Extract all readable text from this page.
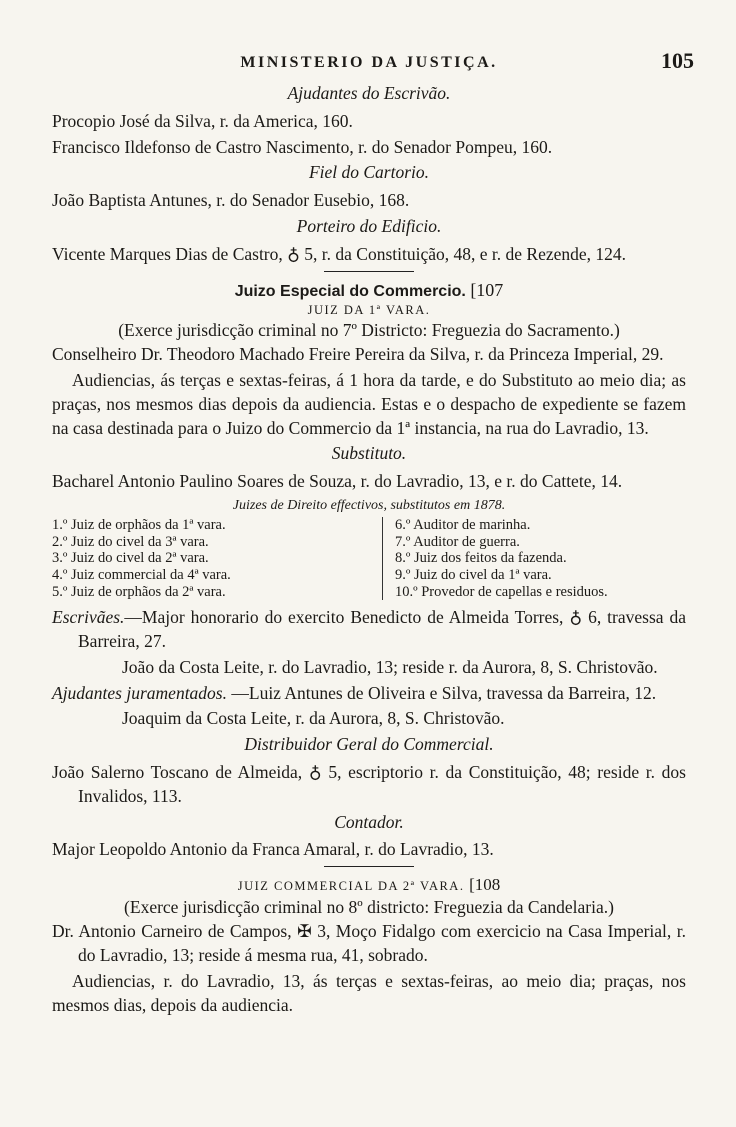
MINISTERIO DA JUSTIÇA.	105
Ajudantes do Escrivão.
Procopio José da Silva, r. da America, 160.
Francisco Ildefonso de Castro Nascimento, r. do Senador Pompeu, 160.
Fiel do Cartorio.
João Baptista Antunes, r. do Senador Eusebio, 168.
Porteiro do Edificio.
Vicente Marques Dias de Castro, ♁ 5, r. da Constituição, 48, e r. de Rezende, 124.
Juizo Especial do Commercio. [107
JUIZ DA 1ª VARA.
(Exerce jurisdicção criminal no 7º Districto: Freguezia do Sacramento.)
Conselheiro Dr. Theodoro Machado Freire Pereira da Silva, r. da Princeza Imperial, 29.
Audiencias, ás terças e sextas-feiras, á 1 hora da tarde, e do Substituto ao meio dia; as praças, nos mesmos dias depois da audiencia. Estas e o despacho de expediente se fazem na casa destinada para o Juizo do Commercio da 1ª instancia, na rua do Lavradio, 13.
Substituto.
Bacharel Antonio Paulino Soares de Souza, r. do Lavradio, 13, e r. do Cattete, 14.
Juizes de Direito effectivos, substitutos em 1878.
1.º Juiz de orphãos da 1ª vara.
2.º Juiz do civel da 3ª vara.
3.º Juiz do civel da 2ª vara.
4.º Juiz commercial da 4ª vara.
5.º Juiz de orphãos da 2ª vara.
6.º Auditor de marinha.
7.º Auditor de guerra.
8.º Juiz dos feitos da fazenda.
9.º Juiz do civel da 1ª vara.
10.º Provedor de capellas e residuos.
Escrivães.—Major honorario do exercito Benedicto de Almeida Torres, ♁ 6, travessa da Barreira, 27.
João da Costa Leite, r. do Lavradio, 13; reside r. da Aurora, 8, S. Christovão.
Ajudantes juramentados. —Luiz Antunes de Oliveira e Silva, travessa da Barreira, 12.
Joaquim da Costa Leite, r. da Aurora, 8, S. Christovão.
Distribuidor Geral do Commercial.
João Salerno Toscano de Almeida, ♁ 5, escriptorio r. da Constituição, 48; reside r. dos Invalidos, 113.
Contador.
Major Leopoldo Antonio da Franca Amaral, r. do Lavradio, 13.
JUIZ COMMERCIAL DA 2ª VARA. [108
(Exerce jurisdicção criminal no 8º districto: Freguezia da Candelaria.)
Dr. Antonio Carneiro de Campos, ✠ 3, Moço Fidalgo com exercicio na Casa Imperial, r. do Lavradio, 13; reside á mesma rua, 41, sobrado.
Audiencias, r. do Lavradio, 13, ás terças e sextas-feiras, ao meio dia; praças, nos mesmos dias, depois da audiencia.
